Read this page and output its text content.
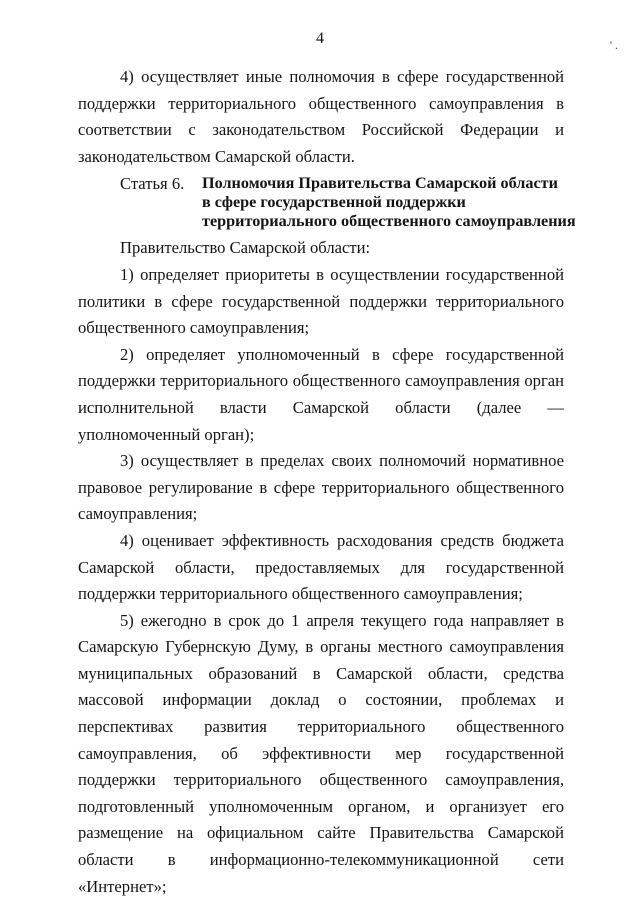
4	' .

4) осуществляет иные полномочия в сфере государственной поддержки территориального общественного самоуправления в соответствии с законодательством Российской Федерации и законодательством Самарской области.

Статья 6.	Полномочия Правительства Самарской области
в сфере государственной поддержки
территориального общественного самоуправления

Правительство Самарской области:

1) определяет приоритеты в осуществлении государственной политики в сфере государственной поддержки территориального общественного самоуправления;

2) определяет уполномоченный в сфере государственной поддержки территориального общественного самоуправления орган исполнительной власти Самарской области (далее — уполномоченный орган);

3) осуществляет в пределах своих полномочий нормативное правовое регулирование в сфере территориального общественного самоуправления;

4) оценивает эффективность расходования средств бюджета Самарской области, предоставляемых для государственной поддержки территориального общественного самоуправления;

5) ежегодно в срок до 1 апреля текущего года направляет в Самарскую Губернскую Думу, в органы местного самоуправления муниципальных образований в Самарской области, средства массовой информации доклад о состоянии, проблемах и перспективах развития территориального общественного самоуправления, об эффективности мер государственной поддержки территориального общественного самоуправления, подготовленный уполномоченным органом, и организует его размещение на официальном сайте Правительства Самарской области в информационно-телекоммуникационной сети «Интернет»;
